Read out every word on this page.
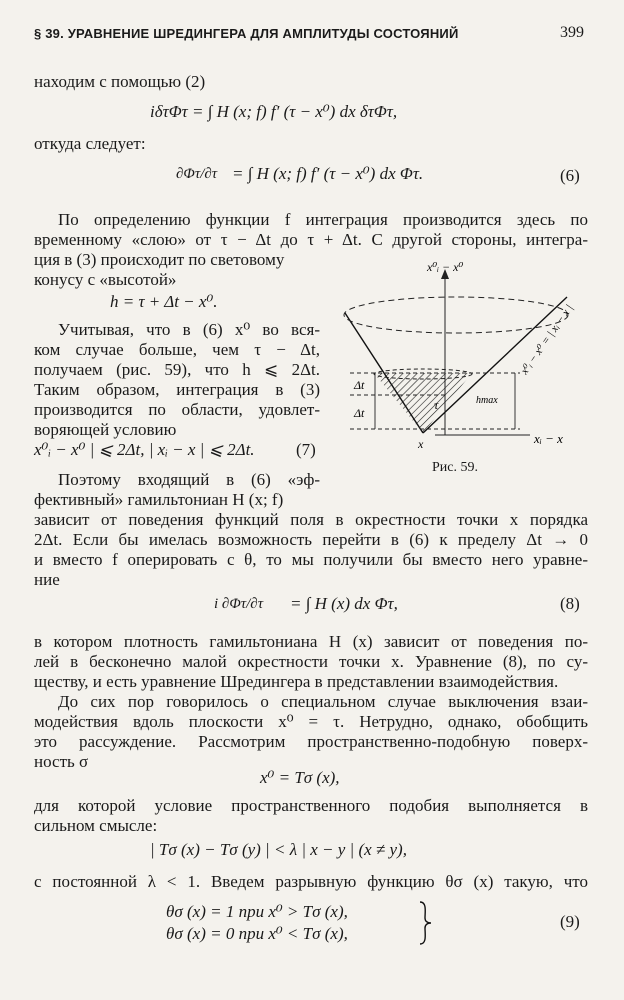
§ 39. УРАВНЕНИЕ ШРЕДИНГЕРА ДЛЯ АМПЛИТУДЫ СОСТОЯНИЙ	399
находим с помощью (2)
iδτΦτ = ∫ H (x; f) f′ (τ − x⁰) dx δτΦτ,
откуда следует:
∂Φτ/∂τ = ∫ H (x; f) f′ (τ − x⁰) dx Φτ.	(6)
По определению функции f интеграция производится здесь по
временному «слою» от τ − Δt до τ + Δt. С другой стороны, интегра-
ция в (3) происходит по световому
конусу с «высотой»
h = τ + Δt − x⁰.
Учитывая, что в (6) x⁰ во вся-
ком случае больше, чем τ − Δt,
получаем (рис. 59), что h ⩽ 2Δt.
Таким образом, интеграция в (3)
производится по области, удовлет-
воряющей условию
x⁰ᵢ − x⁰ | ⩽ 2Δt, | xᵢ − x | ⩽ 2Δt. (7)
Поэтому входящий в (6) «эф-
фективный» гамильтониан H (x; f)
x⁰ᵢ − x⁰
xᵢ − x
x⁰ᵢ − x⁰ = | xᵢ − x |
Δt
Δt
τ	hmax
x
Рис. 59.
зависит от поведения функций поля в окрестности точки x порядка
2Δt. Если бы имелась возможность перейти в (6) к пределу Δt → 0
и вместо f оперировать с θ, то мы получили бы вместо него уравне-
ние
i ∂Φτ/∂τ = ∫ H (x) dx Φτ,	(8)
в котором плотность гамильтониана H (x) зависит от поведения по-
лей в бесконечно малой окрестности точки x. Уравнение (8), по су-
ществу, и есть уравнение Шредингера в представлении взаимодействия.
До сих пор говорилось о специальном случае выключения взаи-
модействия вдоль плоскости x⁰ = τ. Нетрудно, однако, обобщить
это рассуждение. Рассмотрим пространственно-подобную поверх-
ность σ
x⁰ = Tσ (x),
для которой условие пространственного подобия выполняется в
сильном смысле:
| Tσ (x) − Tσ (y) | < λ | x − y | (x ≠ y),
с постоянной λ < 1. Введем разрывную функцию θσ (x) такую, что
θσ (x) = 1 при x⁰ > Tσ (x),
θσ (x) = 0 при x⁰ < Tσ (x),
(9)
